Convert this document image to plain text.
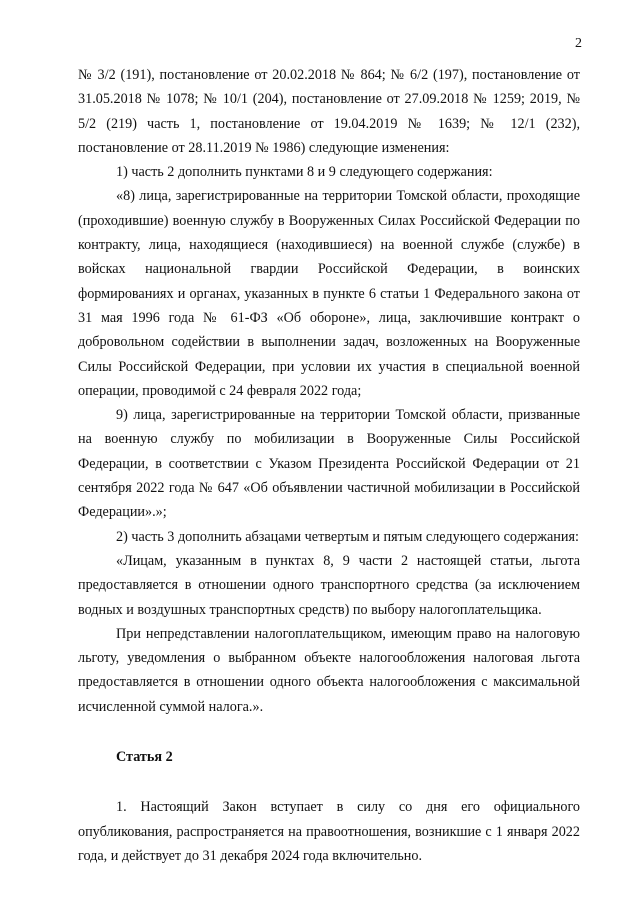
2

№ 3/2 (191), постановление от 20.02.2018 № 864; № 6/2 (197), постановление от 31.05.2018 № 1078; № 10/1 (204), постановление от 27.09.2018 № 1259; 2019, № 5/2 (219) часть 1, постановление от 19.04.2019 № 1639; № 12/1 (232), постановление от 28.11.2019 № 1986) следующие изменения:

1) часть 2 дополнить пунктами 8 и 9 следующего содержания:

«8) лица, зарегистрированные на территории Томской области, проходящие (проходившие) военную службу в Вооруженных Силах Российской Федерации по контракту, лица, находящиеся (находившиеся) на военной службе (службе) в войсках национальной гвардии Российской Федерации, в воинских формированиях и органах, указанных в пункте 6 статьи 1 Федерального закона от 31 мая 1996 года № 61-ФЗ «Об обороне», лица, заключившие контракт о добровольном содействии в выполнении задач, возложенных на Вооруженные Силы Российской Федерации, при условии их участия в специальной военной операции, проводимой с 24 февраля 2022 года;

9) лица, зарегистрированные на территории Томской области, призванные на военную службу по мобилизации в Вооруженные Силы Российской Федерации, в соответствии с Указом Президента Российской Федерации от 21 сентября 2022 года № 647 «Об объявлении частичной мобилизации в Российской Федерации».»;

2) часть 3 дополнить абзацами четвертым и пятым следующего содержания:

«Лицам, указанным в пунктах 8, 9 части 2 настоящей статьи, льгота предоставляется в отношении одного транспортного средства (за исключением водных и воздушных транспортных средств) по выбору налогоплательщика.

При непредставлении налогоплательщиком, имеющим право на налоговую льготу, уведомления о выбранном объекте налогообложения налоговая льгота предоставляется в отношении одного объекта налогообложения с максимальной исчисленной суммой налога.».

Статья 2

1. Настоящий Закон вступает в силу со дня его официального опубликования, распространяется на правоотношения, возникшие с 1 января 2022 года, и действует до 31 декабря 2024 года включительно.
